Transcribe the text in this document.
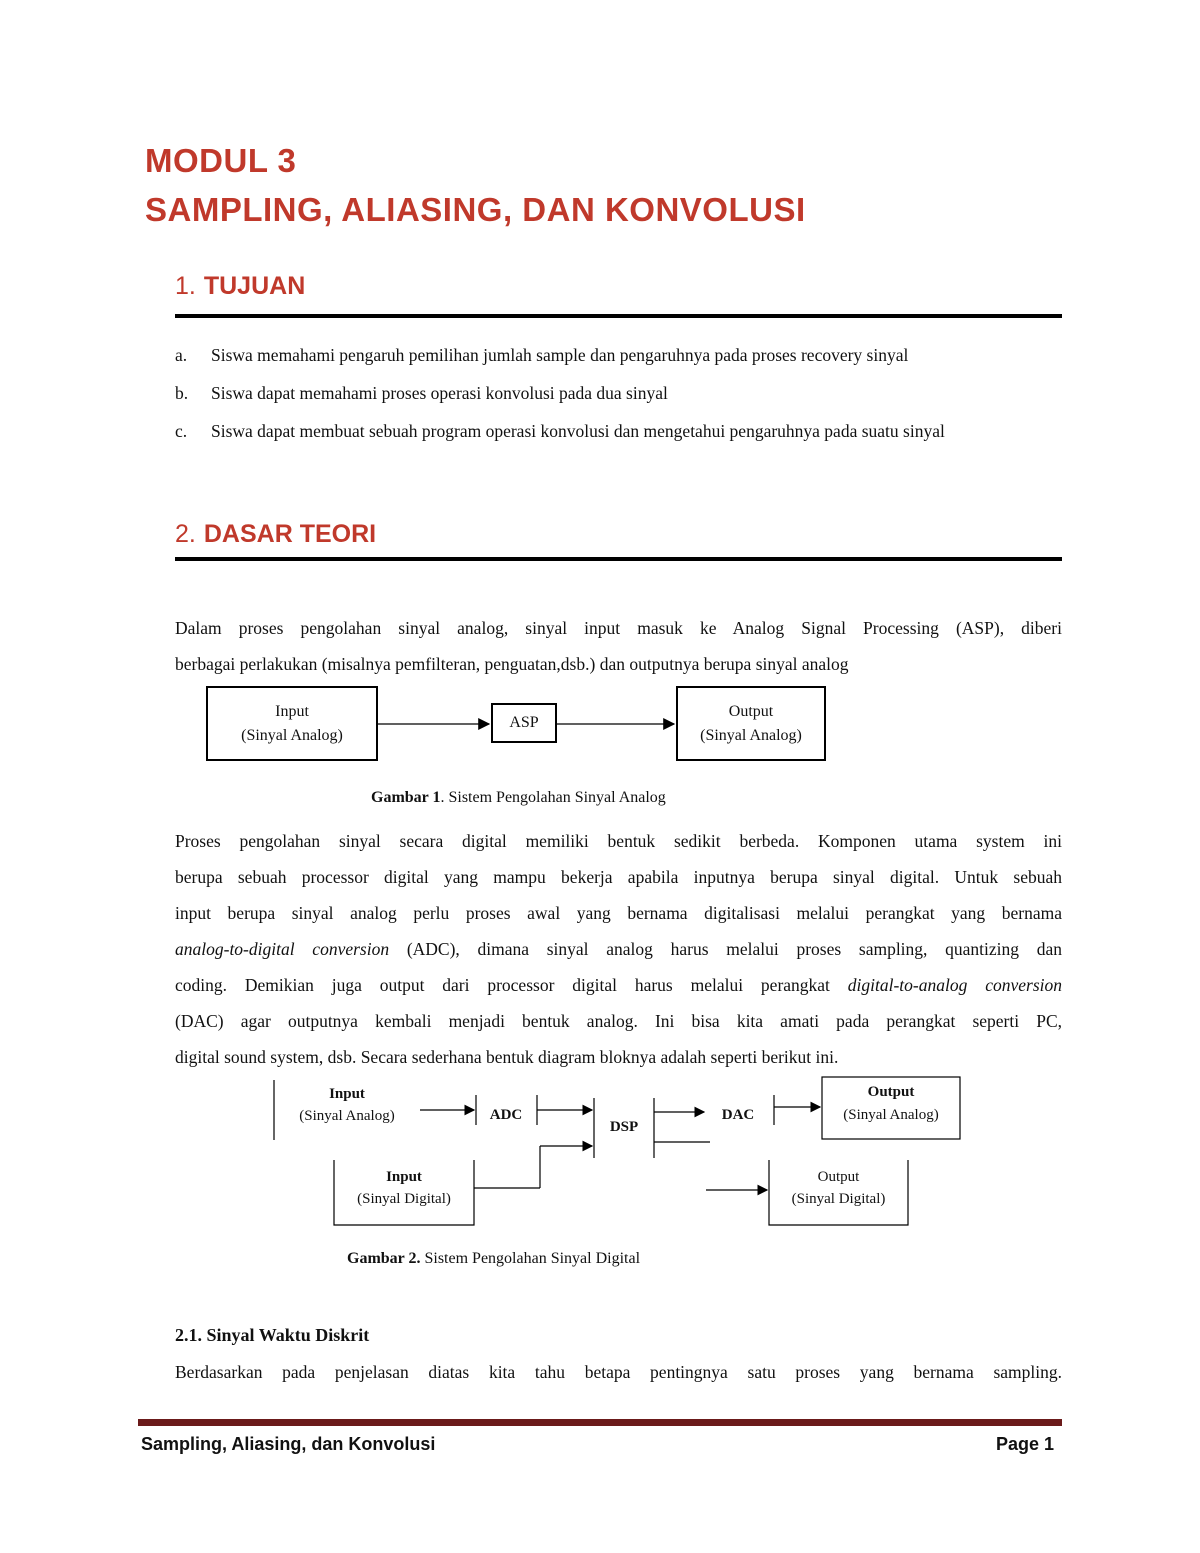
MODUL 3
SAMPLING, ALIASING, DAN KONVOLUSI
1. TUJUAN
a. Siswa memahami pengaruh pemilihan jumlah sample dan pengaruhnya pada proses recovery sinyal
b. Siswa dapat memahami proses operasi konvolusi pada dua sinyal
c. Siswa dapat membuat sebuah program operasi konvolusi dan mengetahui pengaruhnya pada suatu sinyal
2. DASAR TEORI
Dalam proses pengolahan sinyal analog, sinyal input masuk ke Analog Signal Processing (ASP), diberi
berbagai perlakukan (misalnya pemfilteran, penguatan,dsb.) dan outputnya berupa sinyal analog
Input
(Sinyal Analog)
ASP
Output
(Sinyal Analog)
Gambar 1. Sistem Pengolahan Sinyal Analog
Proses pengolahan sinyal secara digital memiliki bentuk sedikit berbeda. Komponen utama system ini
berupa sebuah processor digital yang mampu bekerja apabila inputnya berupa sinyal digital. Untuk sebuah
input berupa sinyal analog perlu proses awal yang bernama digitalisasi melalui perangkat yang bernama
analog-to-digital conversion (ADC), dimana sinyal analog harus melalui proses sampling, quantizing dan
coding. Demikian juga output dari processor digital harus melalui perangkat digital-to-analog conversion
(DAC) agar outputnya kembali menjadi bentuk analog. Ini bisa kita amati pada perangkat seperti PC,
digital sound system, dsb. Secara sederhana bentuk diagram bloknya adalah seperti berikut ini.
Input
(Sinyal Analog)	ADC
DSP
DAC
Output
(Sinyal Analog)
Input
(Sinyal Digital)
Output
(Sinyal Digital)
Gambar 2. Sistem Pengolahan Sinyal Digital
2.1. Sinyal Waktu Diskrit
Berdasarkan pada penjelasan diatas kita tahu betapa pentingnya satu proses yang bernama sampling.
Sampling, Aliasing, dan Konvolusi	Page 1
